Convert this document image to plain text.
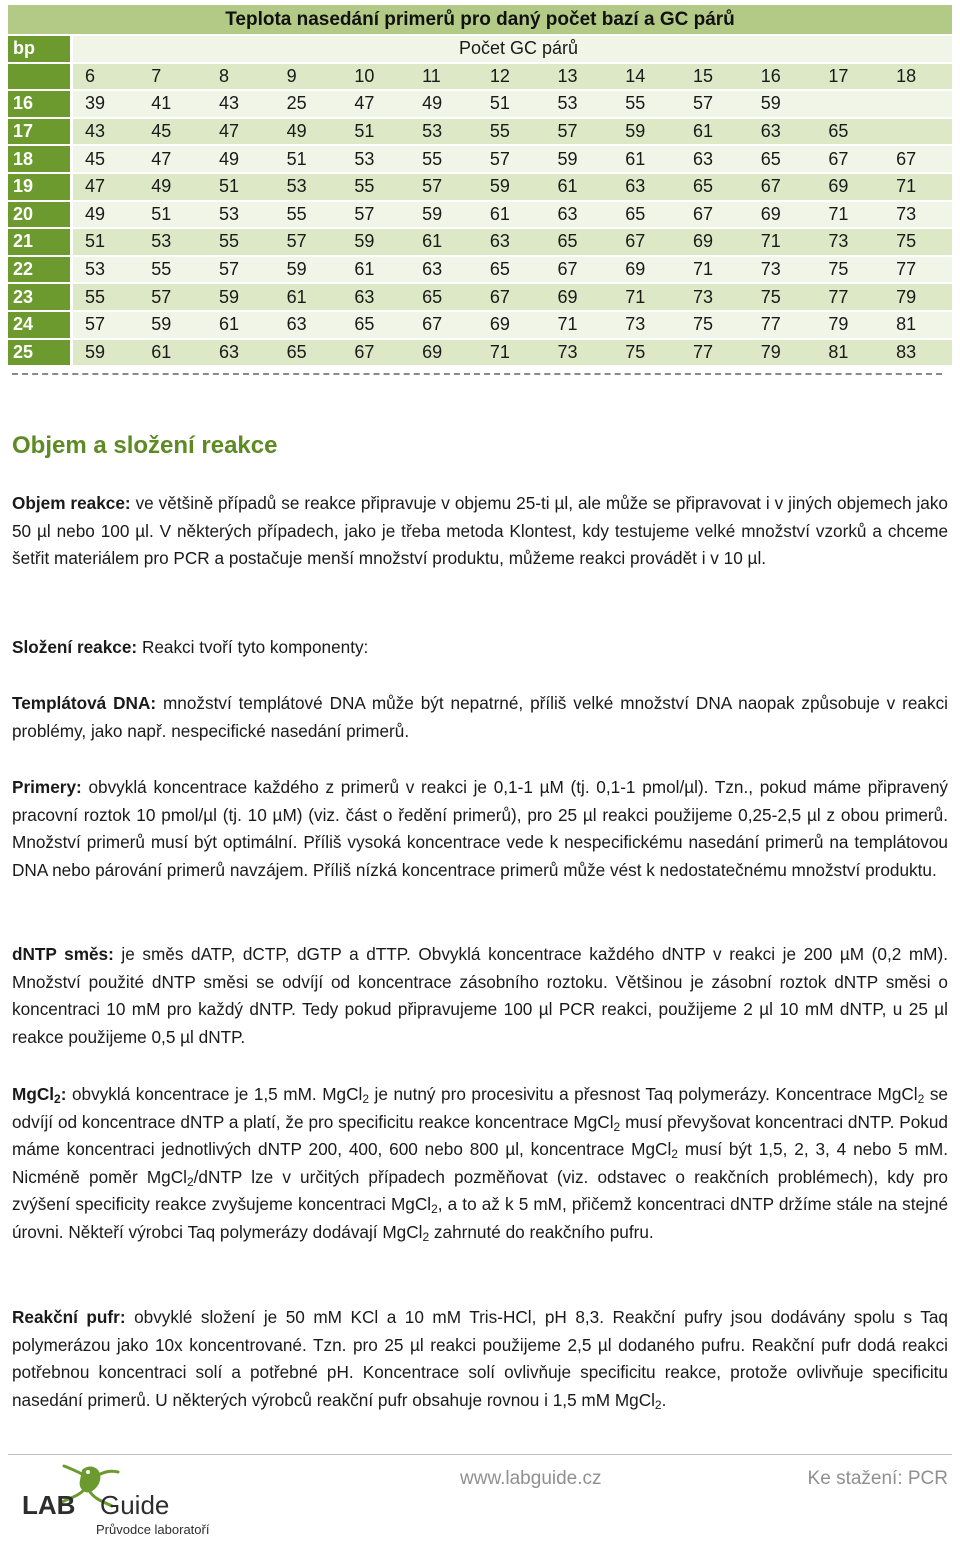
Teplota nasedání primerů pro daný počet bazí a GC párů
bp	Počet GC párů												
	6	7	8	9	10	11	12	13	14	15	16	17	18
16	39	41	43	25	47	49	51	53	55	57	59		
17	43	45	47	49	51	53	55	57	59	61	63	65	
18	45	47	49	51	53	55	57	59	61	63	65	67	67
19	47	49	51	53	55	57	59	61	63	65	67	69	71
20	49	51	53	55	57	59	61	63	65	67	69	71	73
21	51	53	55	57	59	61	63	65	67	69	71	73	75
22	53	55	57	59	61	63	65	67	69	71	73	75	77
23	55	57	59	61	63	65	67	69	71	73	75	77	79
24	57	59	61	63	65	67	69	71	73	75	77	79	81
25	59	61	63	65	67	69	71	73	75	77	79	81	83
Objem a složení reakce

Objem reakce: ve většině případů se reakce připravuje v objemu 25-ti µl, ale může se připravovat i v jiných objemech jako 50 µl nebo 100 µl. V některých případech, jako je třeba metoda Klontest, kdy testujeme velké množství vzorků a chceme šetřit materiálem pro PCR a postačuje menší množství produktu, můžeme reakci provádět i v 10 µl.

Složení reakce: Reakci tvoří tyto komponenty:

Templátová DNA: množství templátové DNA může být nepatrné, příliš velké množství DNA naopak způsobuje v reakci problémy, jako např. nespecifické nasedání primerů.

Primery: obvyklá koncentrace každého z primerů v reakci je 0,1-1 µM (tj. 0,1-1 pmol/µl). Tzn., pokud máme připravený pracovní roztok 10 pmol/µl (tj. 10 µM) (viz. část o ředění primerů), pro 25 µl reakci použijeme 0,25-2,5 µl z obou primerů. Množství primerů musí být optimální. Příliš vysoká koncentrace vede k nespecifickému nasedání primerů na templátovou DNA nebo párování primerů navzájem. Příliš nízká koncentrace primerů může vést k nedostatečnému množství produktu.

dNTP směs: je směs dATP, dCTP, dGTP a dTTP. Obvyklá koncentrace každého dNTP v reakci je 200 µM (0,2 mM). Množství použité dNTP směsi se odvíjí od koncentrace zásobního roztoku. Většinou je zásobní roztok dNTP směsi o koncentraci 10 mM pro každý dNTP. Tedy pokud připravujeme 100 µl PCR reakci, použijeme 2 µl 10 mM dNTP, u 25 µl reakce použijeme 0,5 µl dNTP.

MgCl$_2$: obvyklá koncentrace je 1,5 mM. MgCl$_2$ je nutný pro procesivitu a přesnost Taq polymerázy. Koncentrace MgCl$_2$ se odvíjí od koncentrace dNTP a platí, že pro specificitu reakce koncentrace MgCl$_2$ musí převyšovat koncentraci dNTP. Pokud máme koncentraci jednotlivých dNTP 200, 400, 600 nebo 800 µl, koncentrace MgCl$_2$ musí být 1,5, 2, 3, 4 nebo 5 mM. Nicméně poměr MgCl$_2$/dNTP lze v určitých případech pozměňovat (viz. odstavec o reakčních problémech), kdy pro zvýšení specificity reakce zvyšujeme koncentraci MgCl$_2$, a to až k 5 mM, přičemž koncentraci dNTP držíme stále na stejné úrovni. Někteří výrobci Taq polymerázy dodávají MgCl$_2$ zahrnuté do reakčního pufru.

Reakční pufr: obvyklé složení je 50 mM KCl a 10 mM Tris-HCl, pH 8,3. Reakční pufry jsou dodávány spolu s Taq polymerázou jako 10x koncentrované. Tzn. pro 25 µl reakci použijeme 2,5 µl dodaného pufru. Reakční pufr dodá reakci potřebnou koncentraci solí a potřebné pH. Koncentrace solí ovlivňuje specificitu reakce, protože ovlivňuje specificitu nasedání primerů. U některých výrobců reakční pufr obsahuje rovnou i 1,5 mM MgCl$_2$.

LAB Guide
Průvodce laboratoří
www.labguide.cz	Ke stažení: PCR
